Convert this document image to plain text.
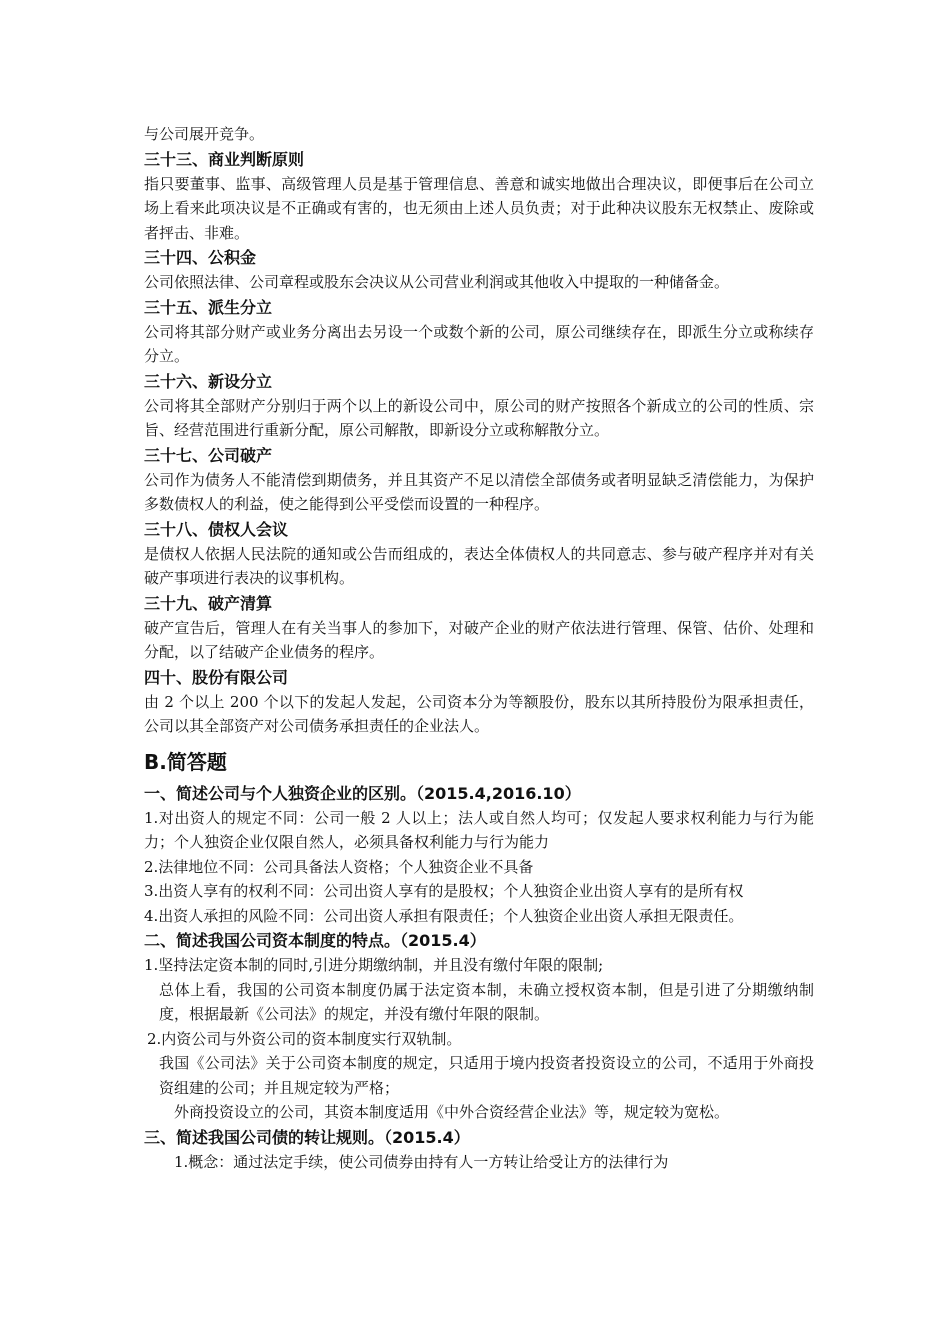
与公司展开竞争。

三十三、商业判断原则

指只要董事、监事、高级管理人员是基于管理信息、善意和诚实地做出合理决议，即便事后在公司立场上看来此项决议是不正确或有害的，也无须由上述人员负责；对于此种决议股东无权禁止、废除或者抨击、非难。

三十四、公积金

公司依照法律、公司章程或股东会决议从公司营业利润或其他收入中提取的一种储备金。

三十五、派生分立

公司将其部分财产或业务分离出去另设一个或数个新的公司，原公司继续存在，即派生分立或称续存分立。

三十六、新设分立

公司将其全部财产分别归于两个以上的新设公司中，原公司的财产按照各个新成立的公司的性质、宗旨、经营范围进行重新分配，原公司解散，即新设分立或称解散分立。

三十七、公司破产

公司作为债务人不能清偿到期债务，并且其资产不足以清偿全部债务或者明显缺乏清偿能力，为保护多数债权人的利益，使之能得到公平受偿而设置的一种程序。

三十八、债权人会议

是债权人依据人民法院的通知或公告而组成的，表达全体债权人的共同意志、参与破产程序并对有关破产事项进行表决的议事机构。

三十九、破产清算

破产宣告后，管理人在有关当事人的参加下，对破产企业的财产依法进行管理、保管、估价、处理和分配，以了结破产企业债务的程序。

四十、股份有限公司

由 2 个以上 200 个以下的发起人发起，公司资本分为等额股份，股东以其所持股份为限承担责任，公司以其全部资产对公司债务承担责任的企业法人。

B.简答题

一、简述公司与个人独资企业的区别。（2015.4,2016.10）

1.对出资人的规定不同：公司一般 2 人以上；法人或自然人均可；仅发起人要求权利能力与行为能力；个人独资企业仅限自然人，必须具备权利能力与行为能力

2.法律地位不同：公司具备法人资格；个人独资企业不具备

3.出资人享有的权利不同：公司出资人享有的是股权；个人独资企业出资人享有的是所有权

4.出资人承担的风险不同：公司出资人承担有限责任；个人独资企业出资人承担无限责任。

二、简述我国公司资本制度的特点。（2015.4）

1.坚持法定资本制的同时,引进分期缴纳制，并且没有缴付年限的限制;

总体上看，我国的公司资本制度仍属于法定资本制，未确立授权资本制，但是引进了分期缴纳制度，根据最新《公司法》的规定，并没有缴付年限的限制。

2.内资公司与外资公司的资本制度实行双轨制。

我国《公司法》关于公司资本制度的规定，只适用于境内投资者投资设立的公司，不适用于外商投资组建的公司；并且规定较为严格；

外商投资设立的公司，其资本制度适用《中外合资经营企业法》等，规定较为宽松。

三、简述我国公司债的转让规则。（2015.4）

1.概念：通过法定手续，使公司债券由持有人一方转让给受让方的法律行为
